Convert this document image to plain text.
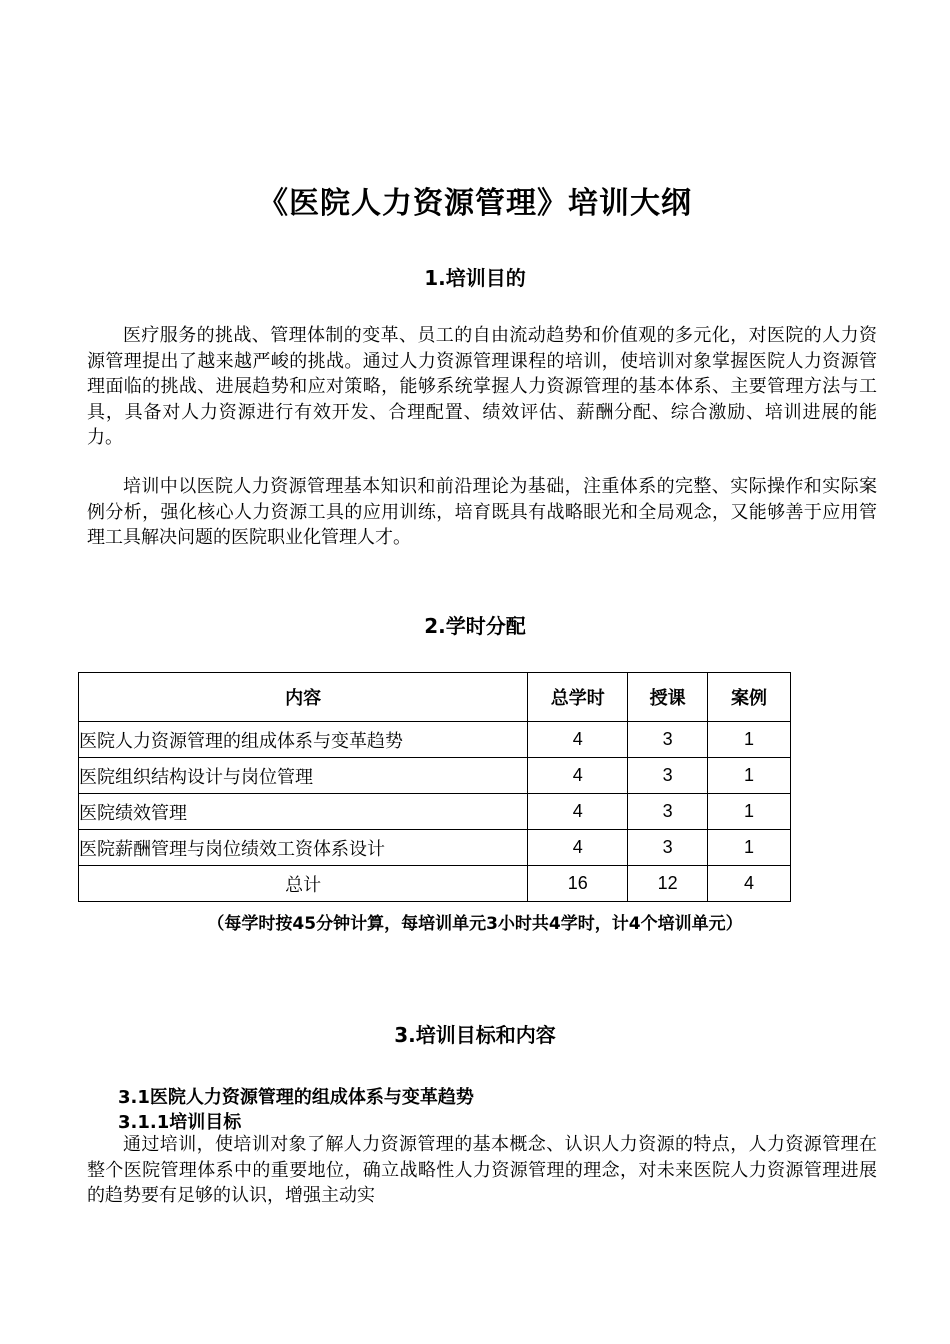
《医院人力资源管理》培训大纲
1.培训目的

医疗服务的挑战、管理体制的变革、员工的自由流动趋势和价值观的多元化，对医院的人力资源管理提出了越来越严峻的挑战。通过人力资源管理课程的培训，使培训对象掌握医院人力资源管理面临的挑战、进展趋势和应对策略，能够系统掌握人力资源管理的基本体系、主要管理方法与工具，具备对人力资源进行有效开发、合理配置、绩效评估、薪酬分配、综合激励、培训进展的能力。

培训中以医院人力资源管理基本知识和前沿理论为基础，注重体系的完整、实际操作和实际案例分析，强化核心人力资源工具的应用训练，培育既具有战略眼光和全局观念，又能够善于应用管理工具解决问题的医院职业化管理人才。

2.学时分配
内容	总学时	授课	案例
医院人力资源管理的组成体系与变革趋势	4	3	1
医院组织结构设计与岗位管理	4	3	1
医院绩效管理	4	3	1
医院薪酬管理与岗位绩效工资体系设计	4	3	1
总计	16	12	4
（每学时按45分钟计算，每培训单元3小时共4学时，计4个培训单元）
3.培训目标和内容
3.1医院人力资源管理的组成体系与变革趋势
3.1.1培训目标

通过培训，使培训对象了解人力资源管理的基本概念、认识人力资源的特点，人力资源管理在整个医院管理体系中的重要地位，确立战略性人力资源管理的理念，对未来医院人力资源管理进展的趋势要有足够的认识，增强主动实
